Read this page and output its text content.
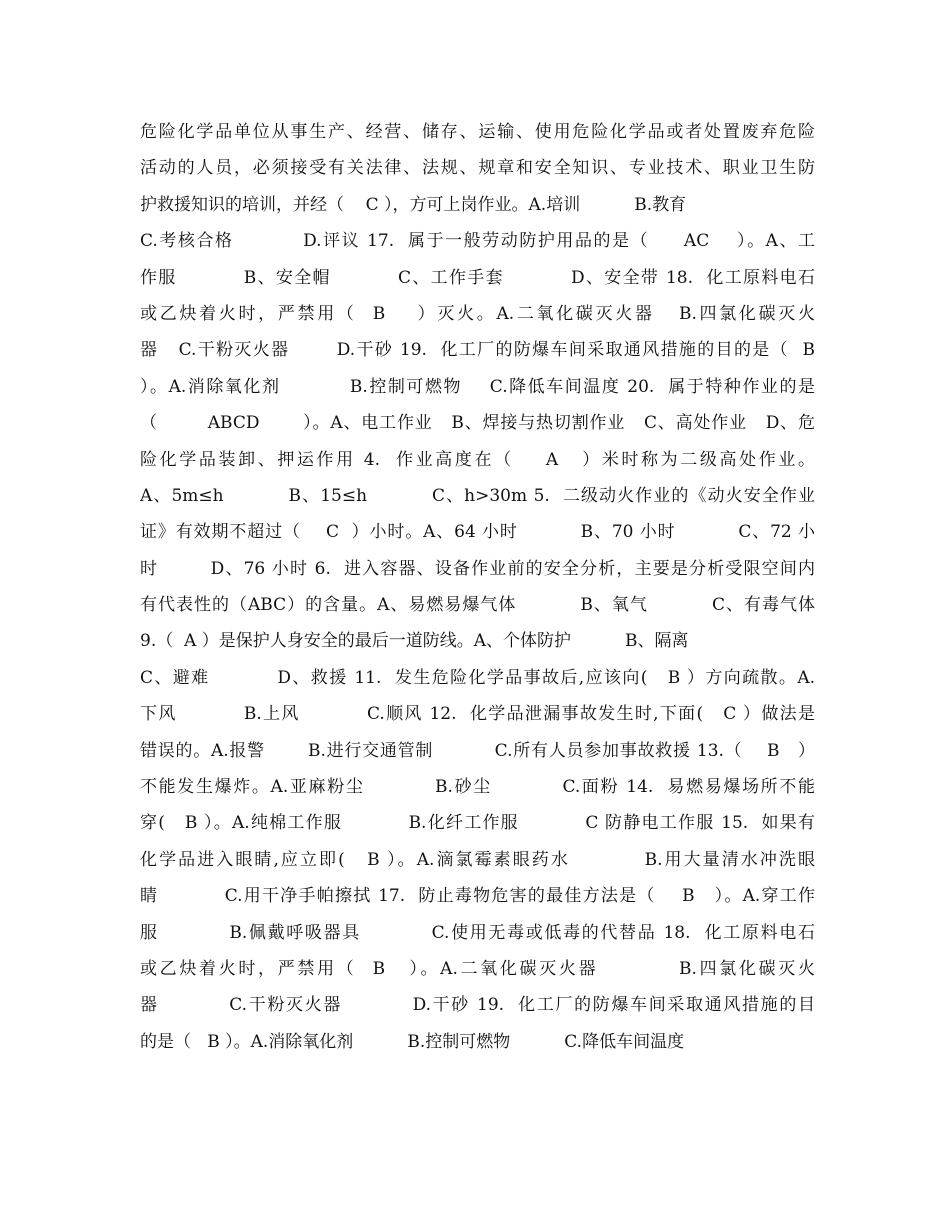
危险化学品单位从事生产、经营、储存、运输、使用危险化学品或者处置废弃危险
活动的人员，必须接受有关法律、法规、规章和安全知识、专业技术、职业卫生防
护救援知识的培训，并经（    C ），方可上岗作业。A.培训          B.教育
C.考核合格          D.评议 17.  属于一般劳动防护用品的是（     AC    ）。A、工
作服          B、安全帽          C、工作手套          D、安全带 18.  化工原料电石
或乙炔着火时，严禁用（  B    ）灭火。A.二氧化碳灭火器   B.四氯化碳灭火
器   C.干粉灭火器       D.干砂 19.  化工厂的防爆车间采取通风措施的目的是（  B
）。A.消除氧化剂          B.控制可燃物    C.降低车间温度 20.  属于特种作业的是
（        ABCD       ）。A、电工作业   B、焊接与热切割作业   C、高处作业   D、危
险化学品装卸、押运作用 4.  作业高度在（    A   ）米时称为二级高处作业。
A、5m≤h          B、15≤h          C、h>30m 5.  二级动火作业的《动火安全作业
证》有效期不超过（    C  ）小时。A、64 小时          B、70 小时          C、72 小
时        D、76 小时 6.  进入容器、设备作业前的安全分析，主要是分析受限空间内
有代表性的（ABC）的含量。A、易燃易爆气体          B、氧气          C、有毒气体
9.（  A ）是保护人身安全的最后一道防线。A、个体防护          B、隔离
C、避难          D、救援 11.  发生危险化学品事故后,应该向(   B ）方向疏散。A.
下风          B.上风          C.顺风 12.  化学品泄漏事故发生时,下面(   C ）做法是
错误的。A.报警       B.进行交通管制          C.所有人员参加事故救援 13.（    B   ）
不能发生爆炸。A.亚麻粉尘          B.砂尘          C.面粉 14.  易燃易爆场所不能
穿(   B ）。A.纯棉工作服          B.化纤工作服          C 防静电工作服 15.  如果有
化学品进入眼睛,应立即(   B ）。A.滴氯霉素眼药水          B.用大量清水冲洗眼
睛          C.用干净手帕擦拭 17.  防止毒物危害的最佳方法是（    B   ）。A.穿工作
服          B.佩戴呼吸器具          C.使用无毒或低毒的代替品 18.  化工原料电石
或乙炔着火时，严禁用（  B   ）。A.二氧化碳灭火器          B.四氯化碳灭火
器          C.干粉灭火器          D.干砂 19.  化工厂的防爆车间采取通风措施的目
的是（   B ）。A.消除氧化剂          B.控制可燃物          C.降低车间温度
